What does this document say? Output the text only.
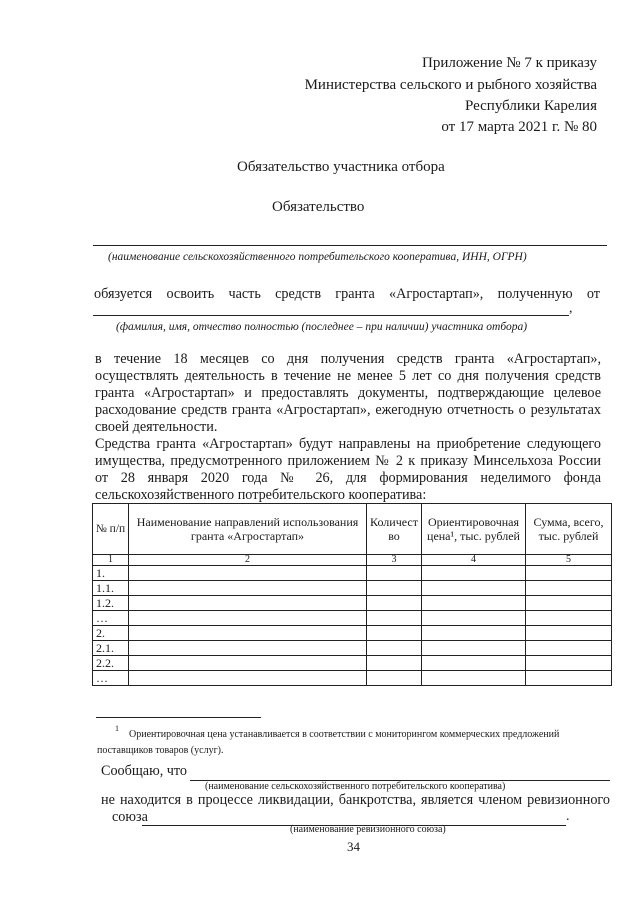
Приложение № 7 к приказу
Министерства сельского и рыбного хозяйства
Республики Карелия
от 17 марта 2021 г. № 80
Обязательство участника отбора
Обязательство
(наименование сельскохозяйственного потребительского кооператива, ИНН, ОГРН)
обязуется освоить часть средств гранта «Агростартап», полученную от
,
(фамилия, имя, отчество полностью (последнее – при наличии) участника отбора)

в течение 18 месяцев со дня получения средств гранта «Агростартап», осуществлять деятельность в течение не менее 5 лет со дня получения средств гранта «Агростартап» и предоставлять документы, подтверждающие целевое расходование средств гранта «Агростартап», ежегодную отчетность о результатах своей деятельности.

Средства гранта «Агростартап» будут направлены на приобретение следующего имущества, предусмотренного приложением № 2 к приказу Минсельхоза России от 28 января 2020 года № 26, для формирования неделимого фонда сельскохозяйственного потребительского кооператива:

№ п/п	Наименование направлений использования гранта «Агростартап»	Количество	Ориентировочная цена¹, тыс. рублей	Сумма, всего, тыс. рублей
1	2	3	4	5
1.				
1.1.				
1.2.				
…				
2.				
2.1.				
2.2.				
…				
$^1$ Ориентировочная цена устанавливается в соответствии с мониторингом коммерческих предложений поставщиков товаров (услуг).
Сообщаю, что
(наименование сельскохозяйственного потребительского кооператива)
не находится в процессе ликвидации, банкротства, является членом ревизионного
союза	.
(наименование ревизионного союза)
34
